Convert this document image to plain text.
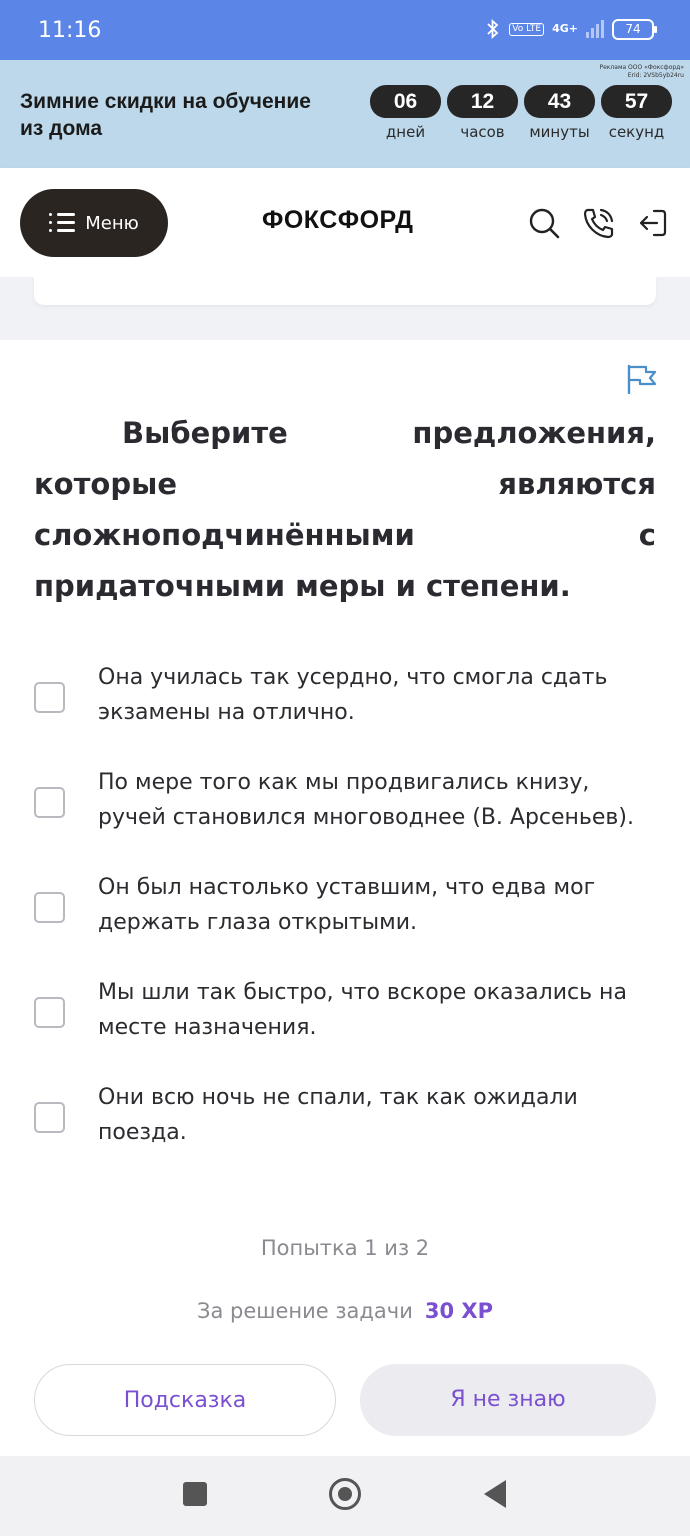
11:16	Vo LTE 4G+	74
Реклама ООО «Фоксфорд»
Erid: 2VSb5yb24ru
Зимние скидки на обучение из дома
06
дней
12
часов
43
минуты
57
секунд
Меню	ФОКСФОРД
Выберите предложения, которые являются сложноподчинёнными с придаточными меры и степени.
Она училась так усердно, что смогла сдать экзамены на отлично.
По мере того как мы продвигались книзу, ручей становился многоводнее (В. Арсеньев).
Он был настолько уставшим, что едва мог держать глаза открытыми.
Мы шли так быстро, что вскоре оказались на месте назначения.
Они всю ночь не спали, так как ожидали поезда.
Попытка 1 из 2
За решение задачи 30 XP
Подсказка	Я не знаю
